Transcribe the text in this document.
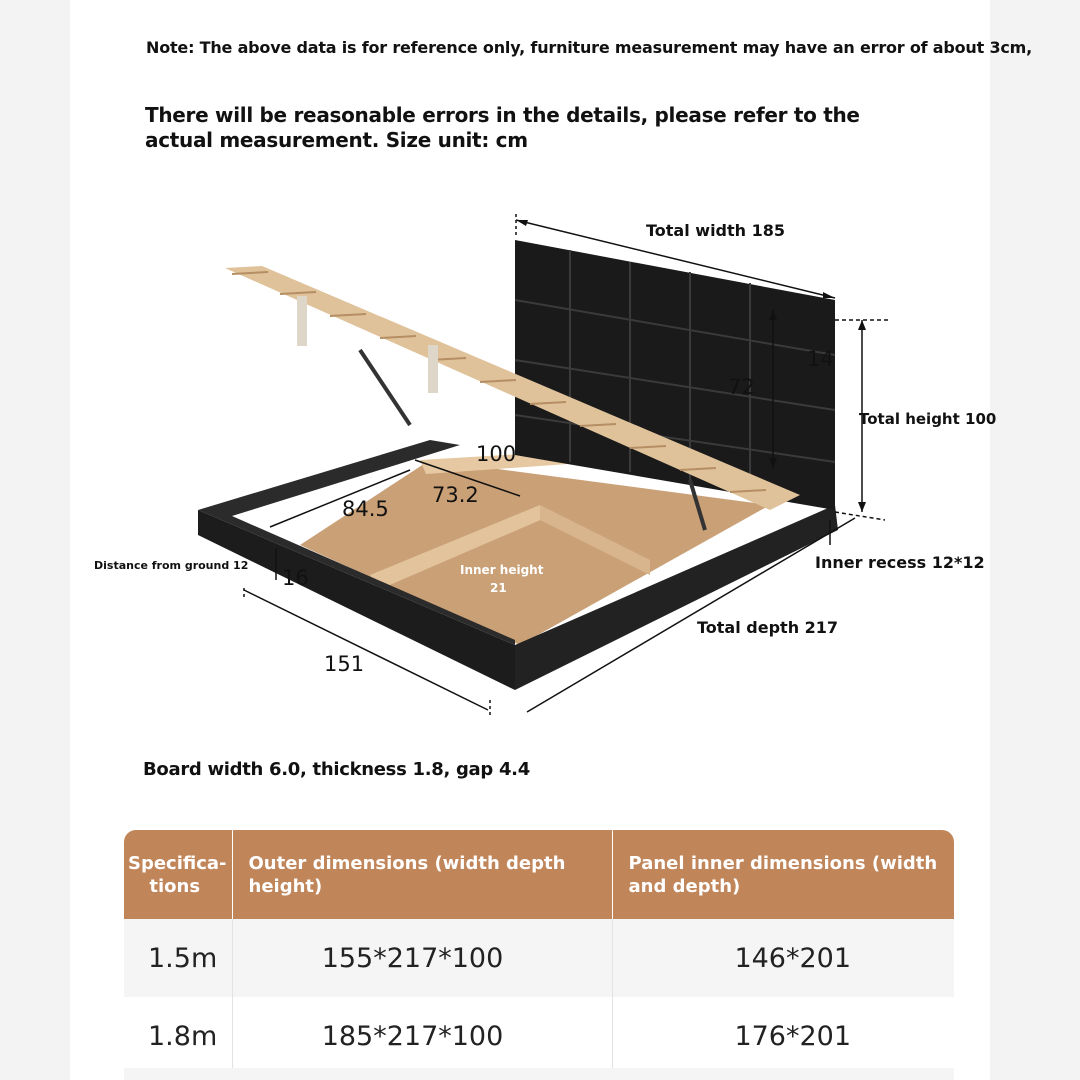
Note: The above data is for reference only, furniture measurement may have an error of about 3cm,
There will be reasonable errors in the details, please refer to the actual measurement. Size unit: cm
Total width 185
14
72
Total height 100
100
84.5
73.2
Distance from ground 12
16
Inner recess 12*12
Inner height
21
Total depth 217
151
Board width 6.0, thickness 1.8, gap 4.4
Specifica-
tions	Outer dimensions (width depth height)	Panel inner dimensions (width and depth)
1.5m	155*217*100	146*201
1.8m	185*217*100	176*201
